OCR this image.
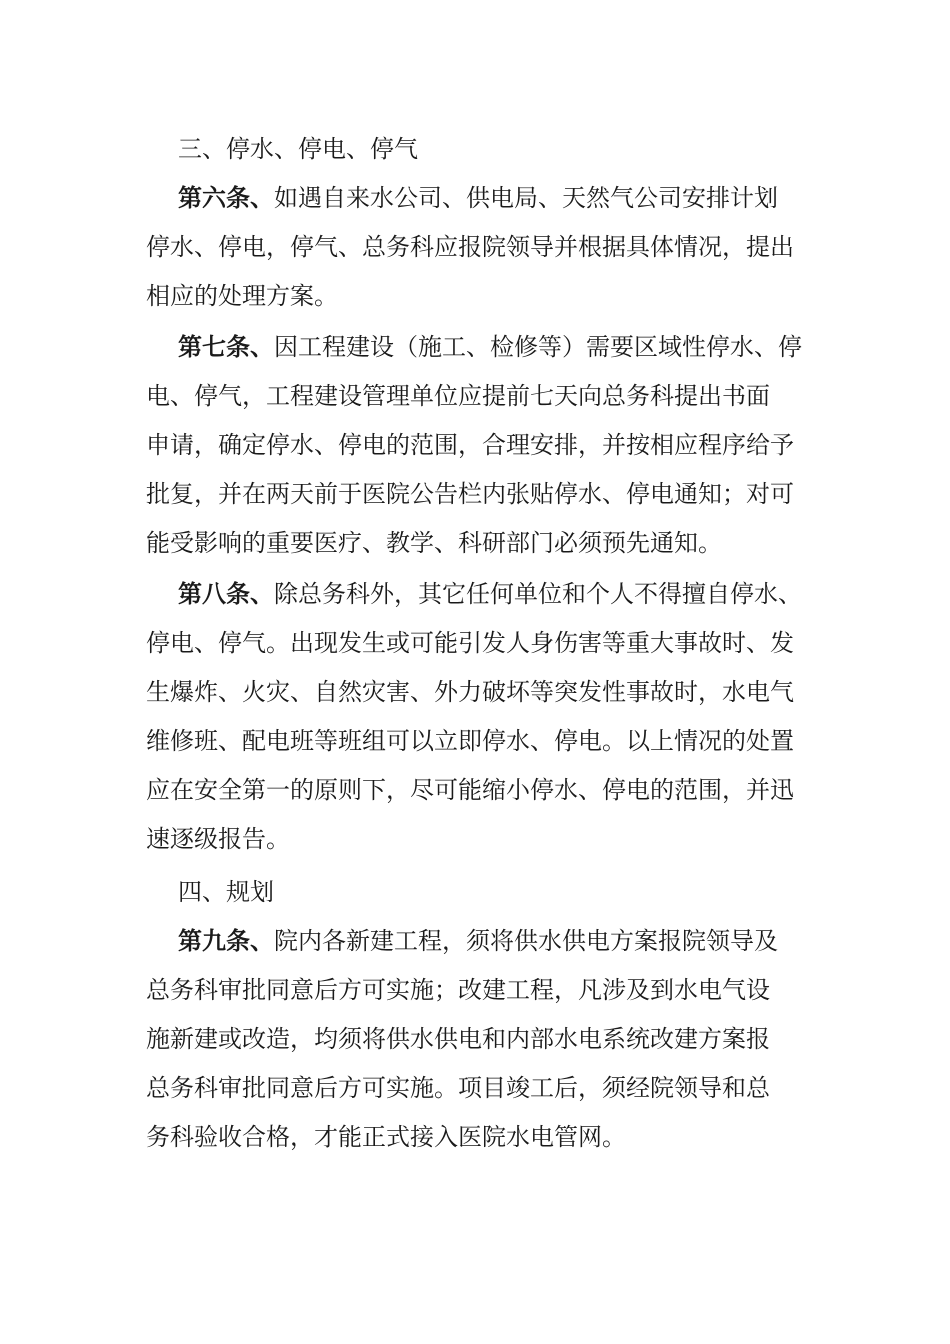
三、停水、停电、停气
第六条、如遇自来水公司、供电局、天然气公司安排计划
停水、停电，停气、总务科应报院领导并根据具体情况，提出
相应的处理方案。
第七条、因工程建设（施工、检修等）需要区域性停水、停
电、停气，工程建设管理单位应提前七天向总务科提出书面
申请，确定停水、停电的范围，合理安排，并按相应程序给予
批复，并在两天前于医院公告栏内张贴停水、停电通知；对可
能受影响的重要医疗、教学、科研部门必须预先通知。
第八条、除总务科外，其它任何单位和个人不得擅自停水、
停电、停气。出现发生或可能引发人身伤害等重大事故时、发
生爆炸、火灾、自然灾害、外力破坏等突发性事故时，水电气
维修班、配电班等班组可以立即停水、停电。以上情况的处置
应在安全第一的原则下，尽可能缩小停水、停电的范围，并迅
速逐级报告。
四、规划
第九条、院内各新建工程，须将供水供电方案报院领导及
总务科审批同意后方可实施；改建工程，凡涉及到水电气设
施新建或改造，均须将供水供电和内部水电系统改建方案报
总务科审批同意后方可实施。项目竣工后，须经院领导和总
务科验收合格，才能正式接入医院水电管网。
